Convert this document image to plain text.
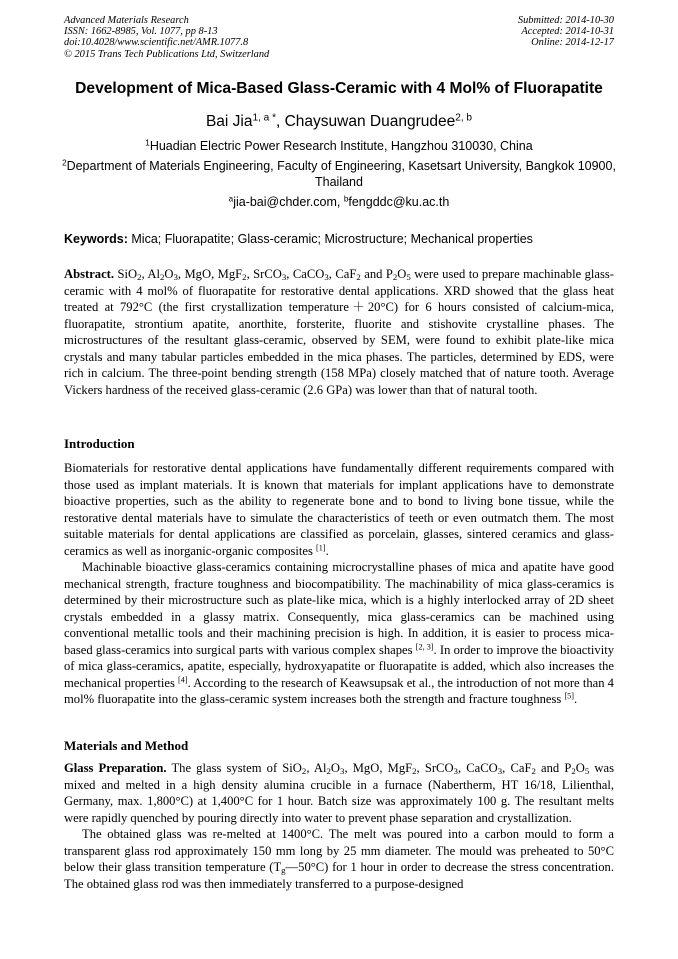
Advanced Materials Research
ISSN: 1662-8985, Vol. 1077, pp 8-13
doi:10.4028/www.scientific.net/AMR.1077.8
© 2015 Trans Tech Publications Ltd, Switzerland
Submitted: 2014-10-30
Accepted: 2014-10-31
Online: 2014-12-17
Development of Mica-Based Glass-Ceramic with 4 Mol% of Fluorapatite
Bai Jia$^{1, a *}$, Chaysuwan Duangrudee$^{2, b}$
$^1$Huadian Electric Power Research Institute, Hangzhou 310030, China
$^2$Department of Materials Engineering, Faculty of Engineering, Kasetsart University, Bangkok 10900, Thailand
$^a$jia-bai@chder.com, $^b$fengddc@ku.ac.th
Keywords: Mica; Fluorapatite; Glass-ceramic; Microstructure; Mechanical properties

Abstract. SiO$_2$, $Al_2O_3$, MgO, MgF$_2$, SrCO$_3$, CaCO$_3$, CaF$_2$ and $P_2O_5$ were used to prepare machinable glass-ceramic with 4 mol% of fluorapatite for restorative dental applications. XRD showed that the glass heat treated at 792°C (the first crystallization temperature＋20°C) for 6 hours consisted of calcium-mica, fluorapatite, strontium apatite, anorthite, forsterite, fluorite and stishovite crystalline phases. The microstructures of the resultant glass-ceramic, observed by SEM, were found to exhibit plate-like mica crystals and many tabular particles embedded in the mica phases. The particles, determined by EDS, were rich in calcium. The three-point bending strength (158 MPa) closely matched that of nature tooth. Average Vickers hardness of the received glass-ceramic (2.6 GPa) was lower than that of natural tooth.

Introduction

Biomaterials for restorative dental applications have fundamentally different requirements compared with those used as implant materials. It is known that materials for implant applications have to demonstrate bioactive properties, such as the ability to regenerate bone and to bond to living bone tissue, while the restorative dental materials have to simulate the characteristics of teeth or even outmatch them. The most suitable materials for dental applications are classified as porcelain, glasses, sintered ceramics and glass-ceramics as well as inorganic-organic composites [1].

Machinable bioactive glass-ceramics containing microcrystalline phases of mica and apatite have good mechanical strength, fracture toughness and biocompatibility. The machinability of mica glass-ceramics is determined by their microstructure such as plate-like mica, which is a highly interlocked array of 2D sheet crystals embedded in a glassy matrix. Consequently, mica glass-ceramics can be machined using conventional metallic tools and their machining precision is high. In addition, it is easier to process mica-based glass-ceramics into surgical parts with various complex shapes [2, 3]. In order to improve the bioactivity of mica glass-ceramics, apatite, especially, hydroxyapatite or fluorapatite is added, which also increases the mechanical properties [4]. According to the research of Keawsupsak et al., the introduction of not more than 4 mol% fluorapatite into the glass-ceramic system increases both the strength and fracture toughness [5].

Materials and Method

Glass Preparation. The glass system of SiO$_2$, $Al_2O_3$, MgO, MgF$_2$, SrCO$_3$, CaCO$_3$, CaF$_2$ and $P_2O_5$ was mixed and melted in a high density alumina crucible in a furnace (Nabertherm, HT 16/18, Lilienthal, Germany, max. 1,800°C) at 1,400°C for 1 hour. Batch size was approximately 100 g. The resultant melts were rapidly quenched by pouring directly into water to prevent phase separation and crystallization.

The obtained glass was re-melted at 1400°C. The melt was poured into a carbon mould to form a transparent glass rod approximately 150 mm long by 25 mm diameter. The mould was preheated to 50°C below their glass transition temperature $(T_g—50^\circ C)$ for 1 hour in order to decrease the stress concentration. The obtained glass rod was then immediately transferred to a purpose-designed
